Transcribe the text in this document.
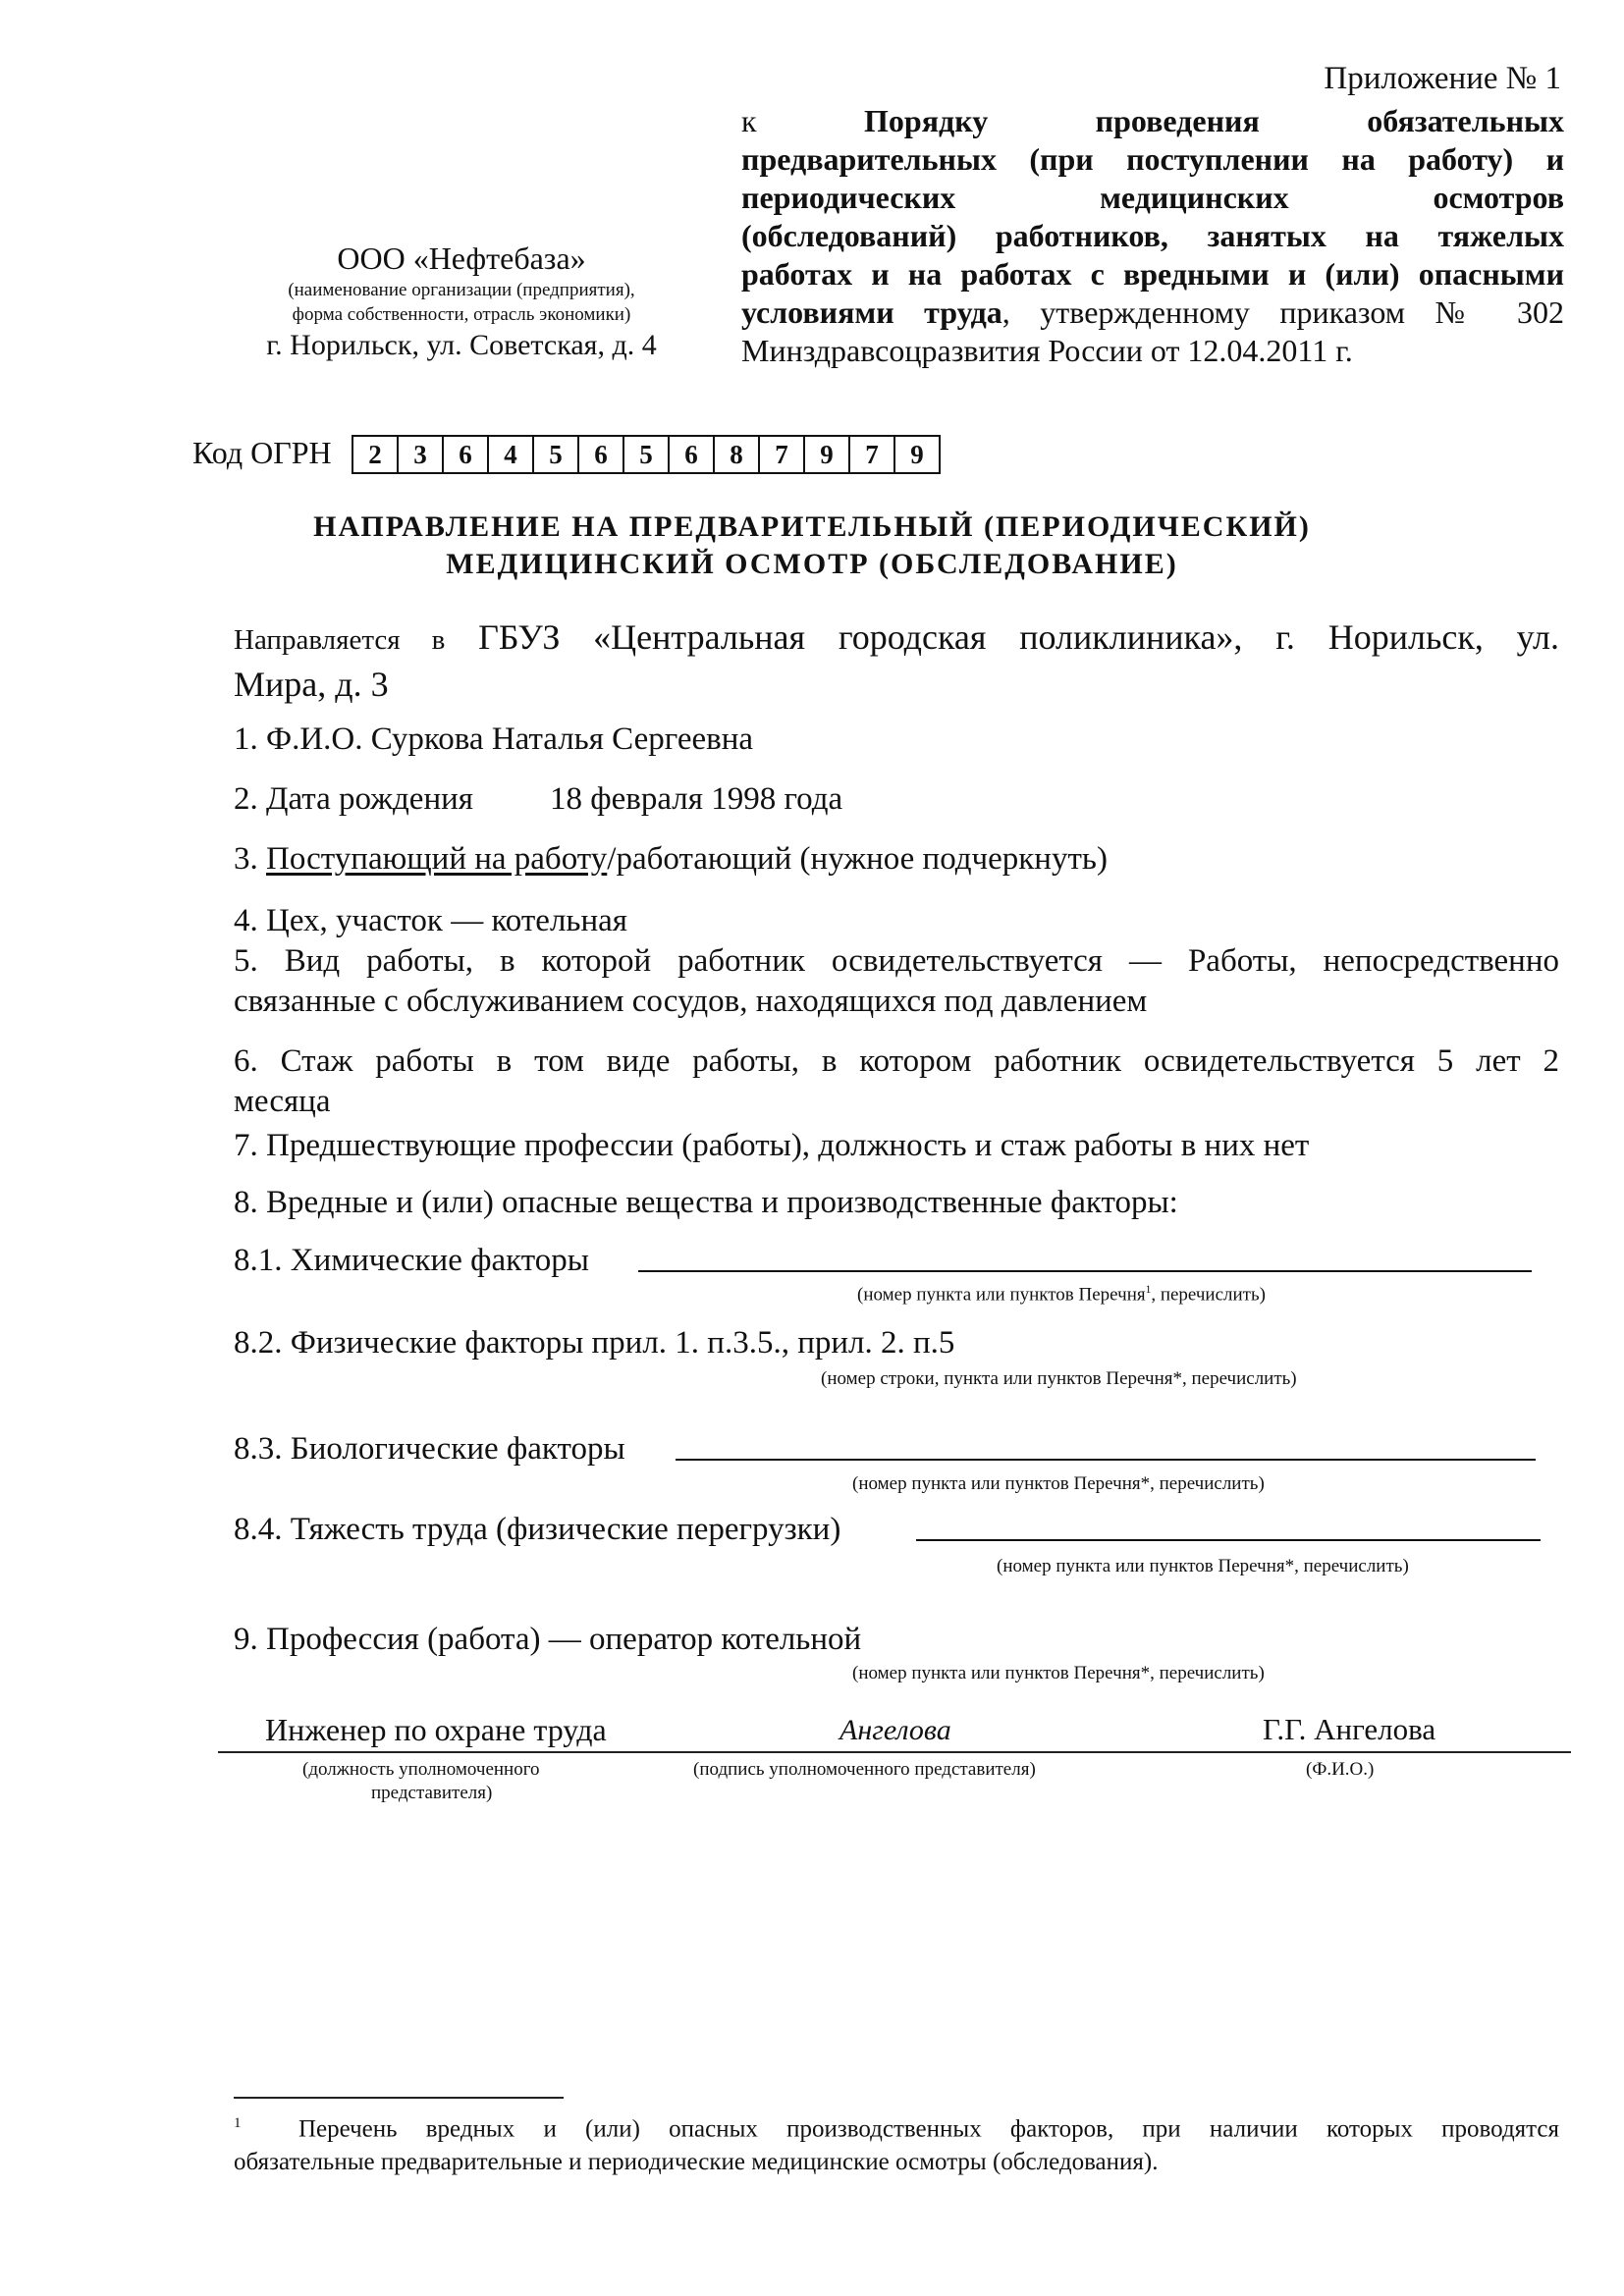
Приложение № 1
к	Порядку проведения обязательных
предварительных (при поступлении на работу) и
периодических медицинских осмотров
(обследований) работников, занятых на тяжелых
работах и на работах с вредными и (или) опасными
условиями труда, утвержденному приказом № 302
Минздравсоцразвития России от 12.04.2011 г.
ООО «Нефтебаза»
(наименование организации (предприятия),
форма собственности, отрасль экономики)
г. Норильск, ул. Советская, д. 4
Код ОГРН	2	3	6	4	5	6	5	6	8	7	9	7	9
НАПРАВЛЕНИЕ НА ПРЕДВАРИТЕЛЬНЫЙ (ПЕРИОДИЧЕСКИЙ)
МЕДИЦИНСКИЙ ОСМОТР (ОБСЛЕДОВАНИЕ)
Направляется в ГБУЗ «Центральная городская поликлиника», г. Норильск, ул.
Мира, д. 3
1. Ф.И.О. Суркова Наталья Сергеевна
2. Дата рождения 18 февраля 1998 года
3. Поступающий на работу/работающий (нужное подчеркнуть)
4. Цех, участок — котельная
5. Вид работы, в которой работник освидетельствуется — Работы, непосредственно
связанные с обслуживанием сосудов, находящихся под давлением
6. Стаж работы в том виде работы, в котором работник освидетельствуется 5 лет 2
месяца
7. Предшествующие профессии (работы), должность и стаж работы в них нет
8. Вредные и (или) опасные вещества и производственные факторы:
8.1. Химические факторы
(номер пункта или пунктов Перечня$^1$, перечислить)
8.2. Физические факторы прил. 1. п.3.5., прил. 2. п.5
(номер строки, пункта или пунктов Перечня*, перечислить)
8.3. Биологические факторы
(номер пункта или пунктов Перечня*, перечислить)
8.4. Тяжесть труда (физические перегрузки)
(номер пункта или пунктов Перечня*, перечислить)
9. Профессия (работа) — оператор котельной
(номер пункта или пунктов Перечня*, перечислить)
Инженер по охране труда	Ангелова	Г.Г. Ангелова
(должность уполномоченного
представителя)
(подпись уполномоченного представителя)	(Ф.И.О.)
$^1$ Перечень вредных и (или) опасных производственных факторов, при наличии которых проводятся
обязательные предварительные и периодические медицинские осмотры (обследования).
